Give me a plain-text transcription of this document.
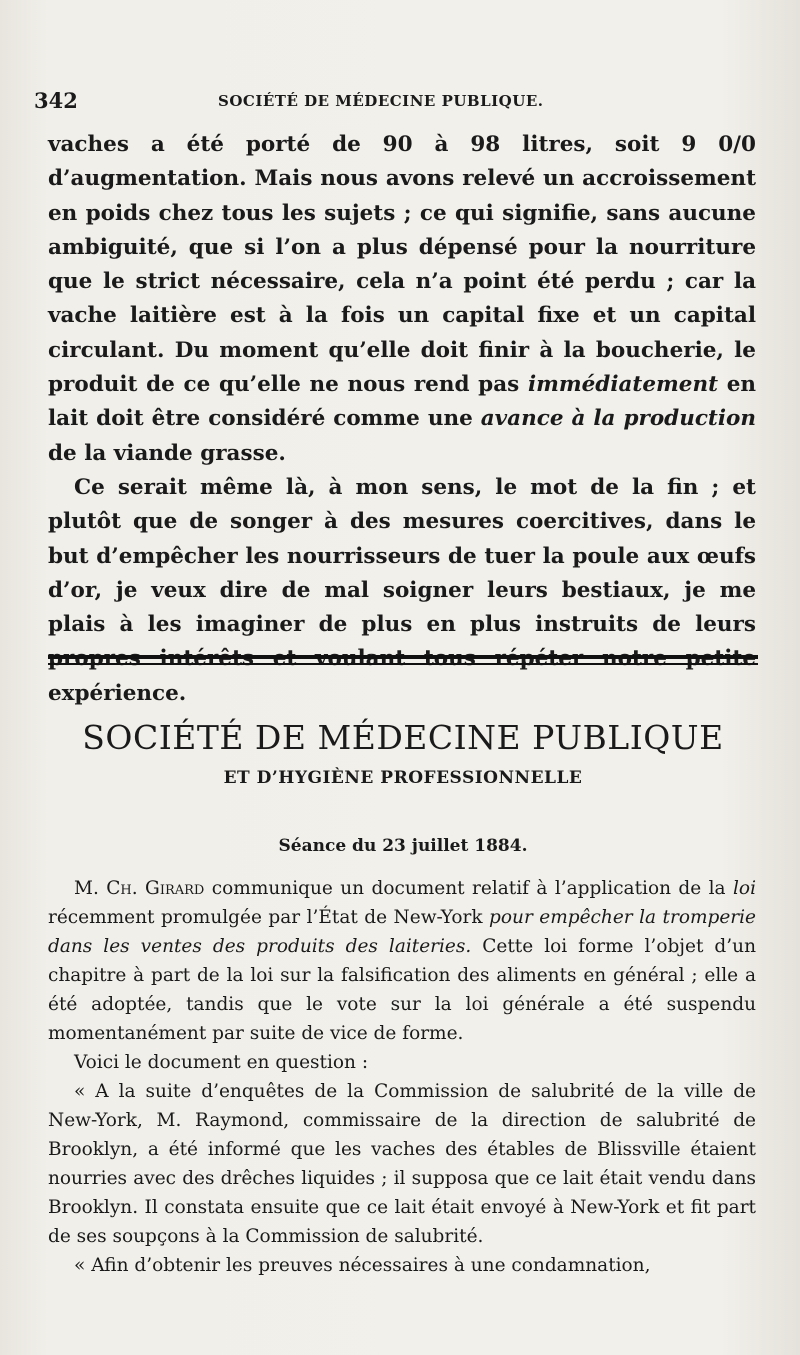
342	SOCIÉTÉ DE MÉDECINE PUBLIQUE.

vaches a été porté de 90 à 98 litres, soit 9 0/0 d’augmentation. Mais nous avons relevé un accroissement en poids chez tous les sujets ; ce qui signifie, sans aucune ambiguité, que si l’on a plus dépensé pour la nourriture que le strict nécessaire, cela n’a point été perdu ; car la vache laitière est à la fois un capital fixe et un capital circulant. Du moment qu’elle doit finir à la boucherie, le produit de ce qu’elle ne nous rend pas immédiatement en lait doit être considéré comme une avance à la production de la viande grasse.

Ce serait même là, à mon sens, le mot de la fin ; et plutôt que de songer à des mesures coercitives, dans le but d’empêcher les nourrisseurs de tuer la poule aux œufs d’or, je veux dire de mal soigner leurs bestiaux, je me plais à les imaginer de plus en plus instruits de leurs expérience.

SOCIÉTÉ DE MÉDECINE PUBLIQUE
ET D’HYGIÈNE PROFESSIONNELLE
Séance du 23 juillet 1884.

M. Ch. Girard communique un document relatif à l’application de la loi récemment promulgée par l’État de New-York pour empêcher la tromperie dans les ventes des produits des laiteries. Cette loi forme l’objet d’un chapitre à part de la loi sur la falsification des aliments en général ; elle a été adoptée, tandis que le vote sur la loi générale a été suspendu momentanément par suite de vice de forme.

Voici le document en question :

« A la suite d’enquêtes de la Commission de salubrité de la ville de New-York, M. Raymond, commissaire de la direction de salubrité de Brooklyn, a été informé que les vaches des étables de Blissville étaient nourries avec des drêches liquides ; il supposa que ce lait était vendu dans Brooklyn. Il constata ensuite que ce lait était envoyé à New-York et fit part de ses soupçons à la Commission de salubrité.

« Afin d’obtenir les preuves nécessaires à une condamnation,
